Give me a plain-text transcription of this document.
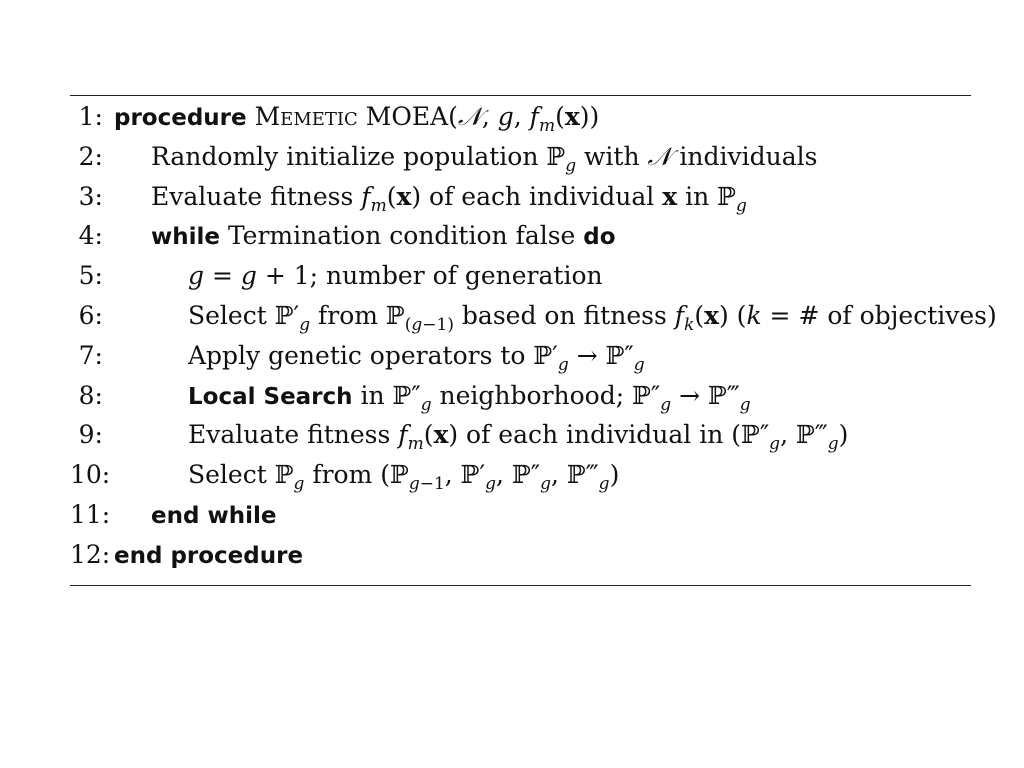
1: procedure Memetic MOEA(𝒩, g, $f_m(x)$)
2: Randomly initialize population ℙ$_g$ with 𝒩 individuals
3: Evaluate fitness $f_m(x)$ of each individual x in ℙ$_g$
4: while Termination condition false do
5:	g = g + 1; number of generation
6:	Select $ℙ'_g$ from ℙ$_{(g-1)}$ based on fitness $f_k(x) (k$ = # of objectives)
7:	Apply genetic operators to $ℙ'_g$ → $ℙ''_g$
8:	Local Search in $ℙ''_g$ neighborhood; $ℙ''_g$ → $ℙ‴_g$
9:	Evaluate fitness $f_m(x)$ of each individual in ($ℙ''_g$, $ℙ‴_g$)
10:	Select ℙ$_g$ from (ℙ$_{g-1}$, $ℙ'_g$, $ℙ''_g$, $ℙ‴_g$)
11: end while
12: end procedure
